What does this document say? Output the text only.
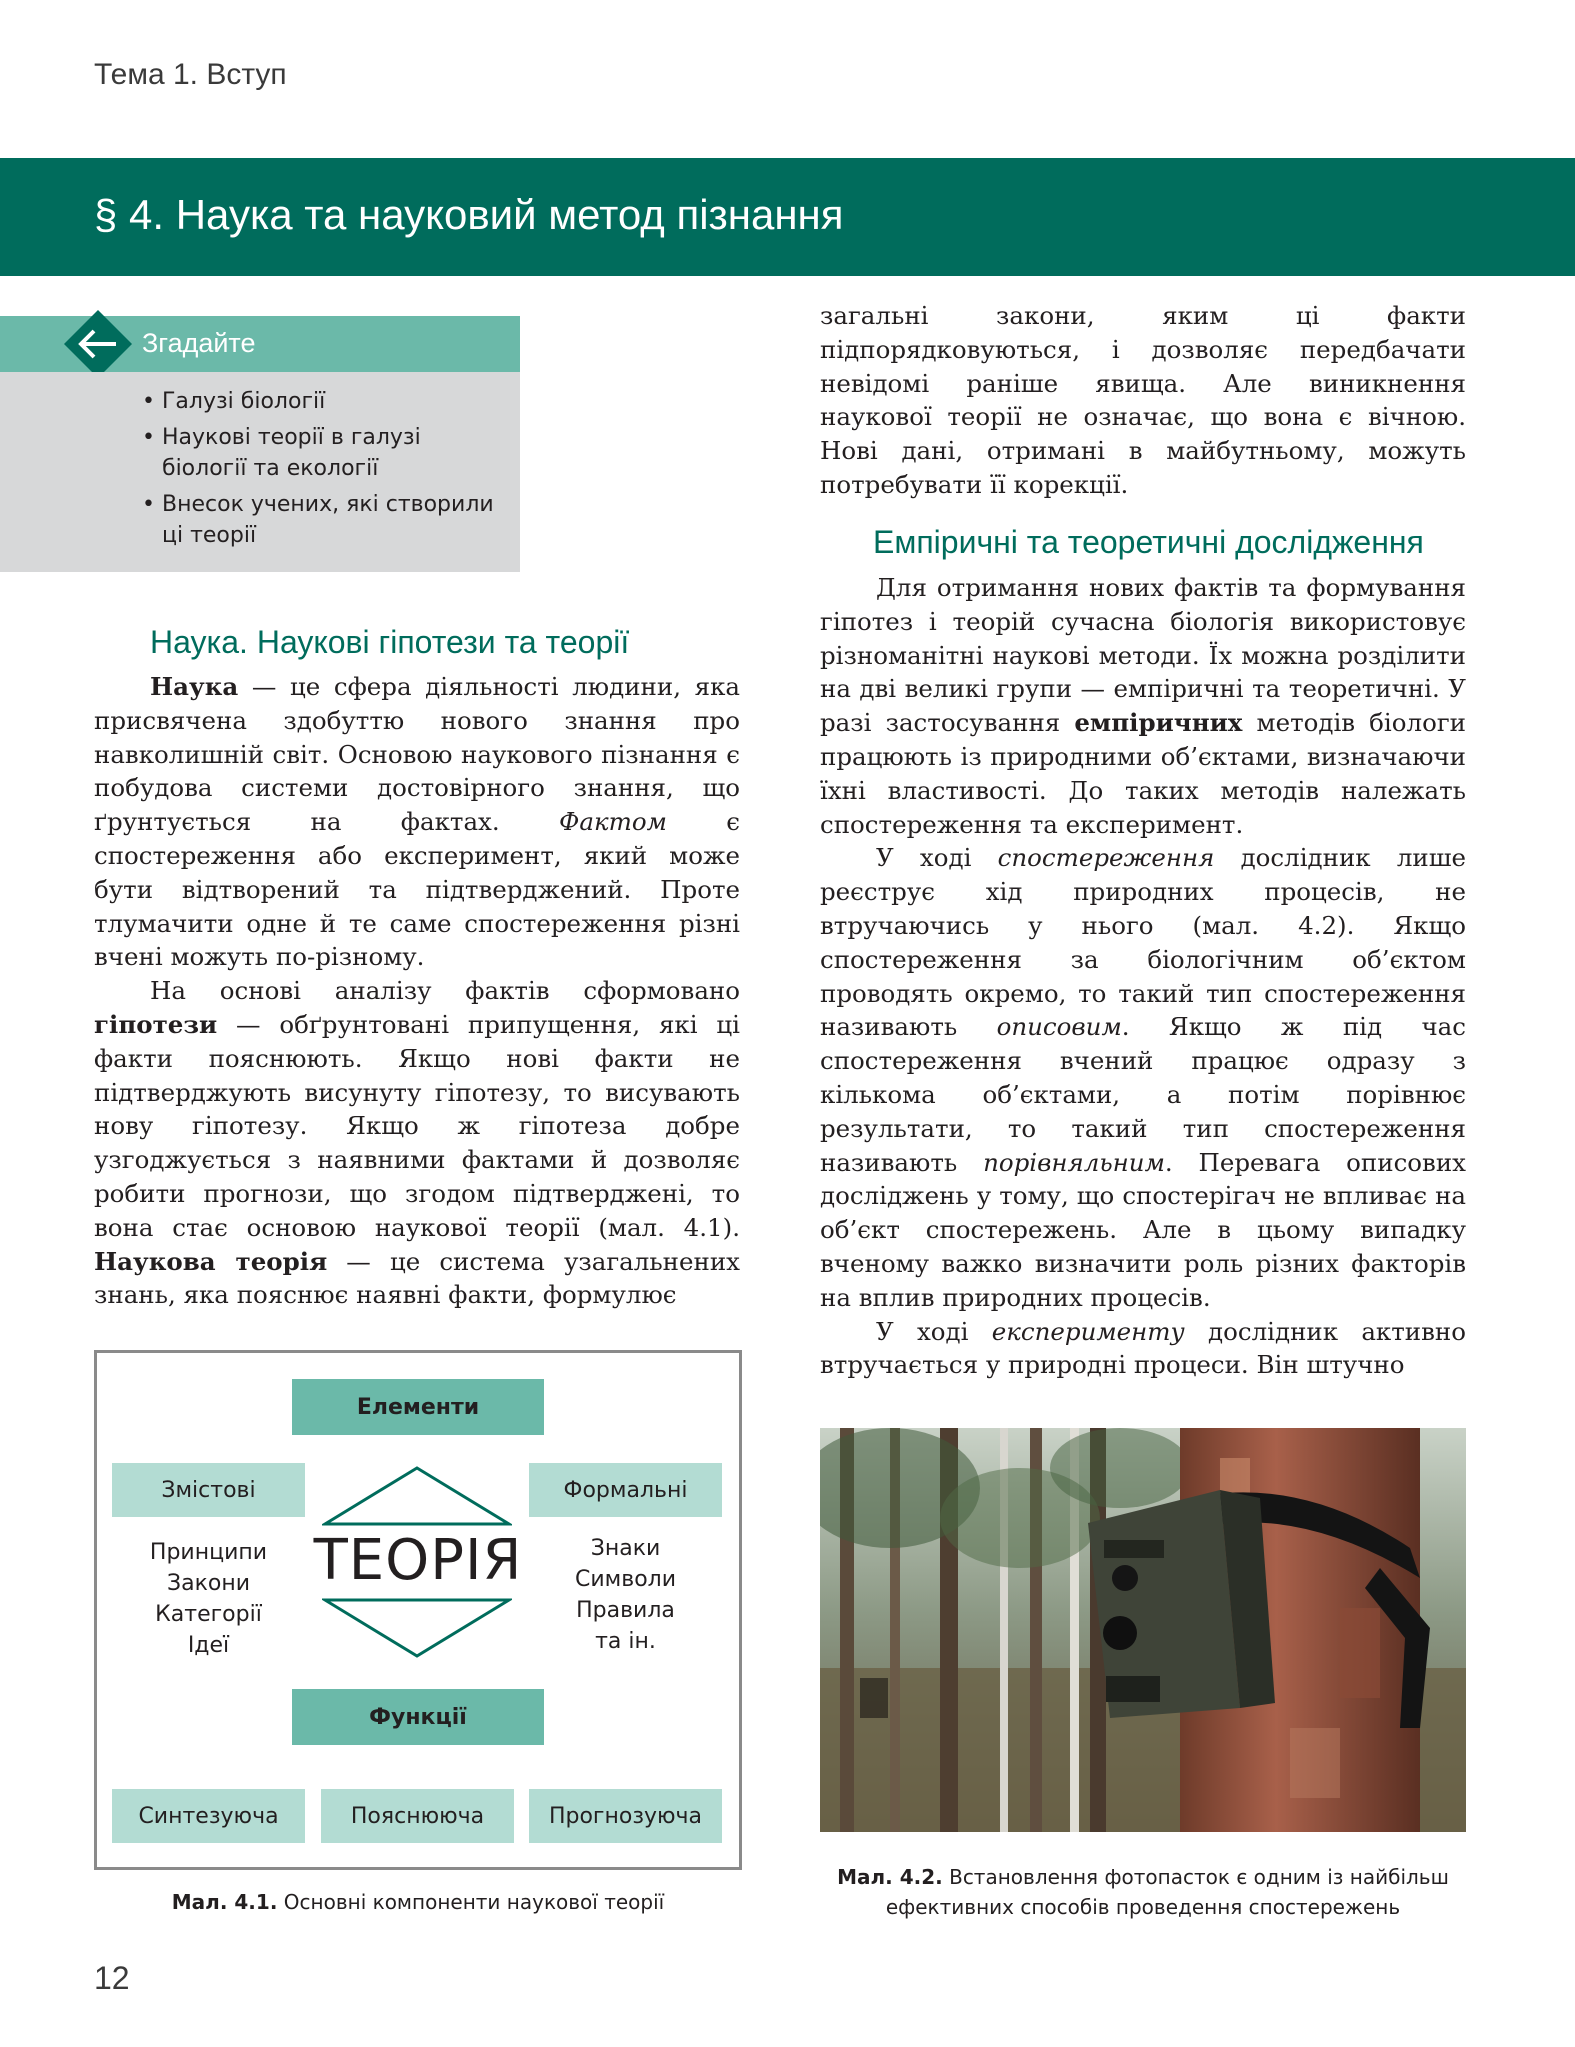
Тема 1. Вступ
§ 4. Наука та науковий метод пізнання
Згадайте
• Галузі біології
• Наукові теорії в галузі біології та екології
• Внесок учених, які створили ці теорії
Наука. Наукові гіпотези та теорії

Наука — це сфера діяльності людини, яка присвячена здобуттю нового знання про навколишній світ. Основою наукового пізнання є побудова системи достовірного знання, що ґрунтується на фактах. Фактом є спостереження або експеримент, який може бути відтворений та підтверджений. Проте тлумачити одне й те саме спостереження різні вчені можуть по-різному.

На основі аналізу фактів сформовано гіпотези — обґрунтовані припущення, які ці факти пояснюють. Якщо нові факти не підтверджують висунуту гіпотезу, то висувають нову гіпотезу. Якщо ж гіпотеза добре узгоджується з наявними фактами й дозволяє робити прогнози, що згодом підтверджені, то вона стає основою наукової теорії (мал. 4.1). Наукова теорія — це система узагальнених знань, яка пояснює наявні факти, формулює

загальні закони, яким ці факти підпорядковуються, і дозволяє передбачати невідомі раніше явища. Але виникнення наукової теорії не означає, що вона є вічною. Нові дані, отримані в майбутньому, можуть потребувати її корекції.

Емпіричні та теоретичні дослідження

Для отримання нових фактів та формування гіпотез і теорій сучасна біологія використовує різноманітні наукові методи. Їх можна розділити на дві великі групи — емпіричні та теоретичні. У разі застосування емпіричних методів біологи працюють із природними об’єктами, визначаючи їхні властивості. До таких методів належать спостереження та експеримент.

У ході спостереження дослідник лише реєструє хід природних процесів, не втручаючись у нього (мал. 4.2). Якщо спостереження за біологічним об’єктом проводять окремо, то такий тип спостереження називають описовим. Якщо ж під час спостереження вчений працює одразу з кількома об’єктами, а потім порівнює результати, то такий тип спостереження називають порівняльним. Перевага описових досліджень у тому, що спостерігач не впливає на об’єкт спостережень. Але в цьому випадку вченому важко визначити роль різних факторів на вплив природних процесів.

У ході експерименту дослідник активно втручається у природні процеси. Він штучно

Елементи
Змістові	Формальні
ТЕОРІЯ
Принципи
Закони
Категорії
Ідеї
Знаки
Символи
Правила
та ін.
Функції
Синтезуюча	Пояснююча	Прогнозуюча
Мал. 4.1. Основні компоненти наукової теорії
Мал. 4.2. Встановлення фотопасток є одним із найбільш ефективних способів проведення спостережень
12
